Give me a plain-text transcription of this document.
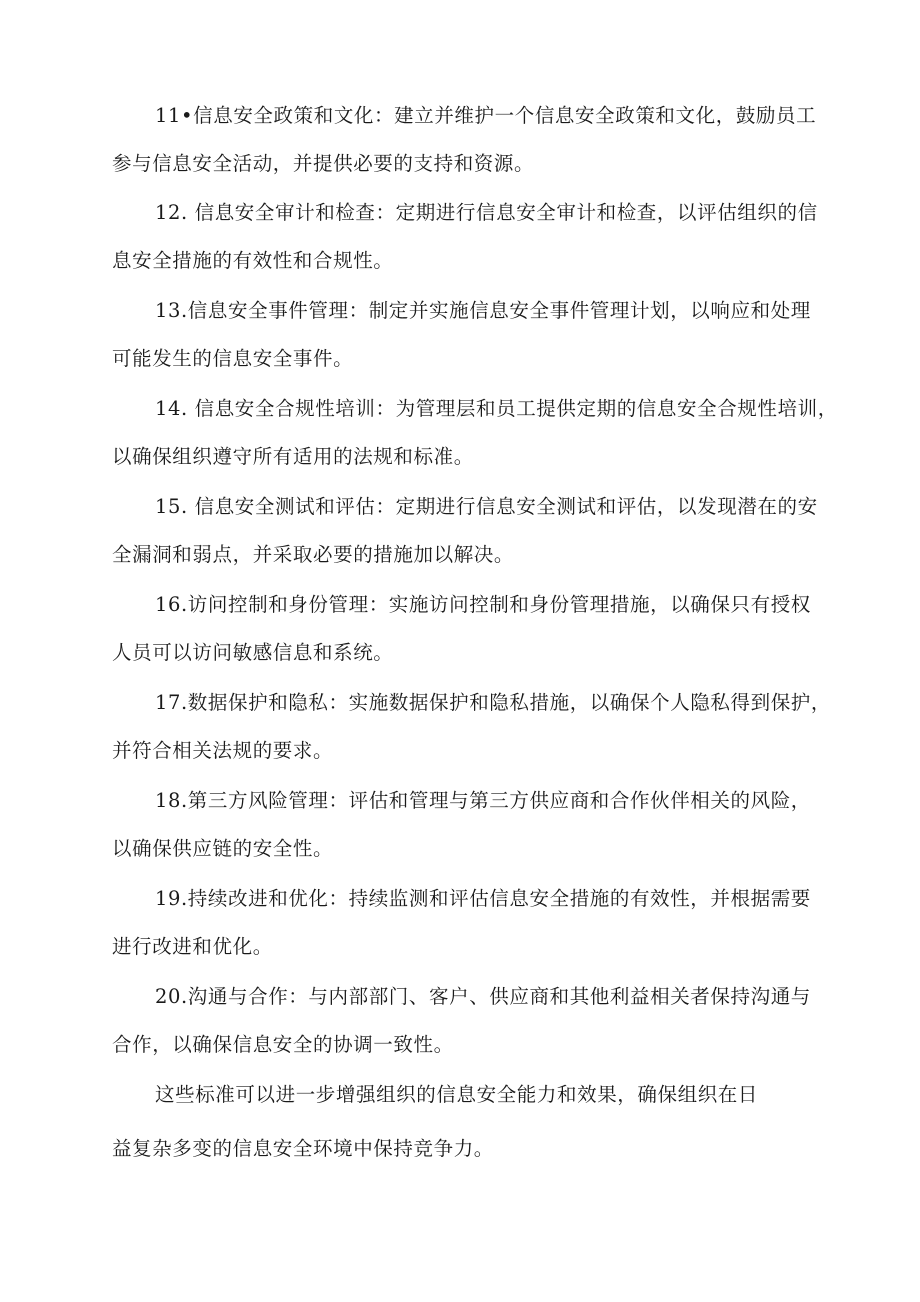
11•信息安全政策和文化：建立并维护一个信息安全政策和文化，鼓励员工
参与信息安全活动，并提供必要的支持和资源。

12. 信息安全审计和检查：定期进行信息安全审计和检查，以评估组织的信
息安全措施的有效性和合规性。

13.信息安全事件管理：制定并实施信息安全事件管理计划，以响应和处理
可能发生的信息安全事件。

14. 信息安全合规性培训：为管理层和员工提供定期的信息安全合规性培训，
以确保组织遵守所有适用的法规和标准。

15. 信息安全测试和评估：定期进行信息安全测试和评估，以发现潜在的安
全漏洞和弱点，并采取必要的措施加以解决。

16.访问控制和身份管理：实施访问控制和身份管理措施，以确保只有授权
人员可以访问敏感信息和系统。

17.数据保护和隐私：实施数据保护和隐私措施，以确保个人隐私得到保护，
并符合相关法规的要求。

18.第三方风险管理：评估和管理与第三方供应商和合作伙伴相关的风险，
以确保供应链的安全性。

19.持续改进和优化：持续监测和评估信息安全措施的有效性，并根据需要
进行改进和优化。

20.沟通与合作：与内部部门、客户、供应商和其他利益相关者保持沟通与
合作，以确保信息安全的协调一致性。

这些标准可以进一步增强组织的信息安全能力和效果，确保组织在日
益复杂多变的信息安全环境中保持竞争力。
